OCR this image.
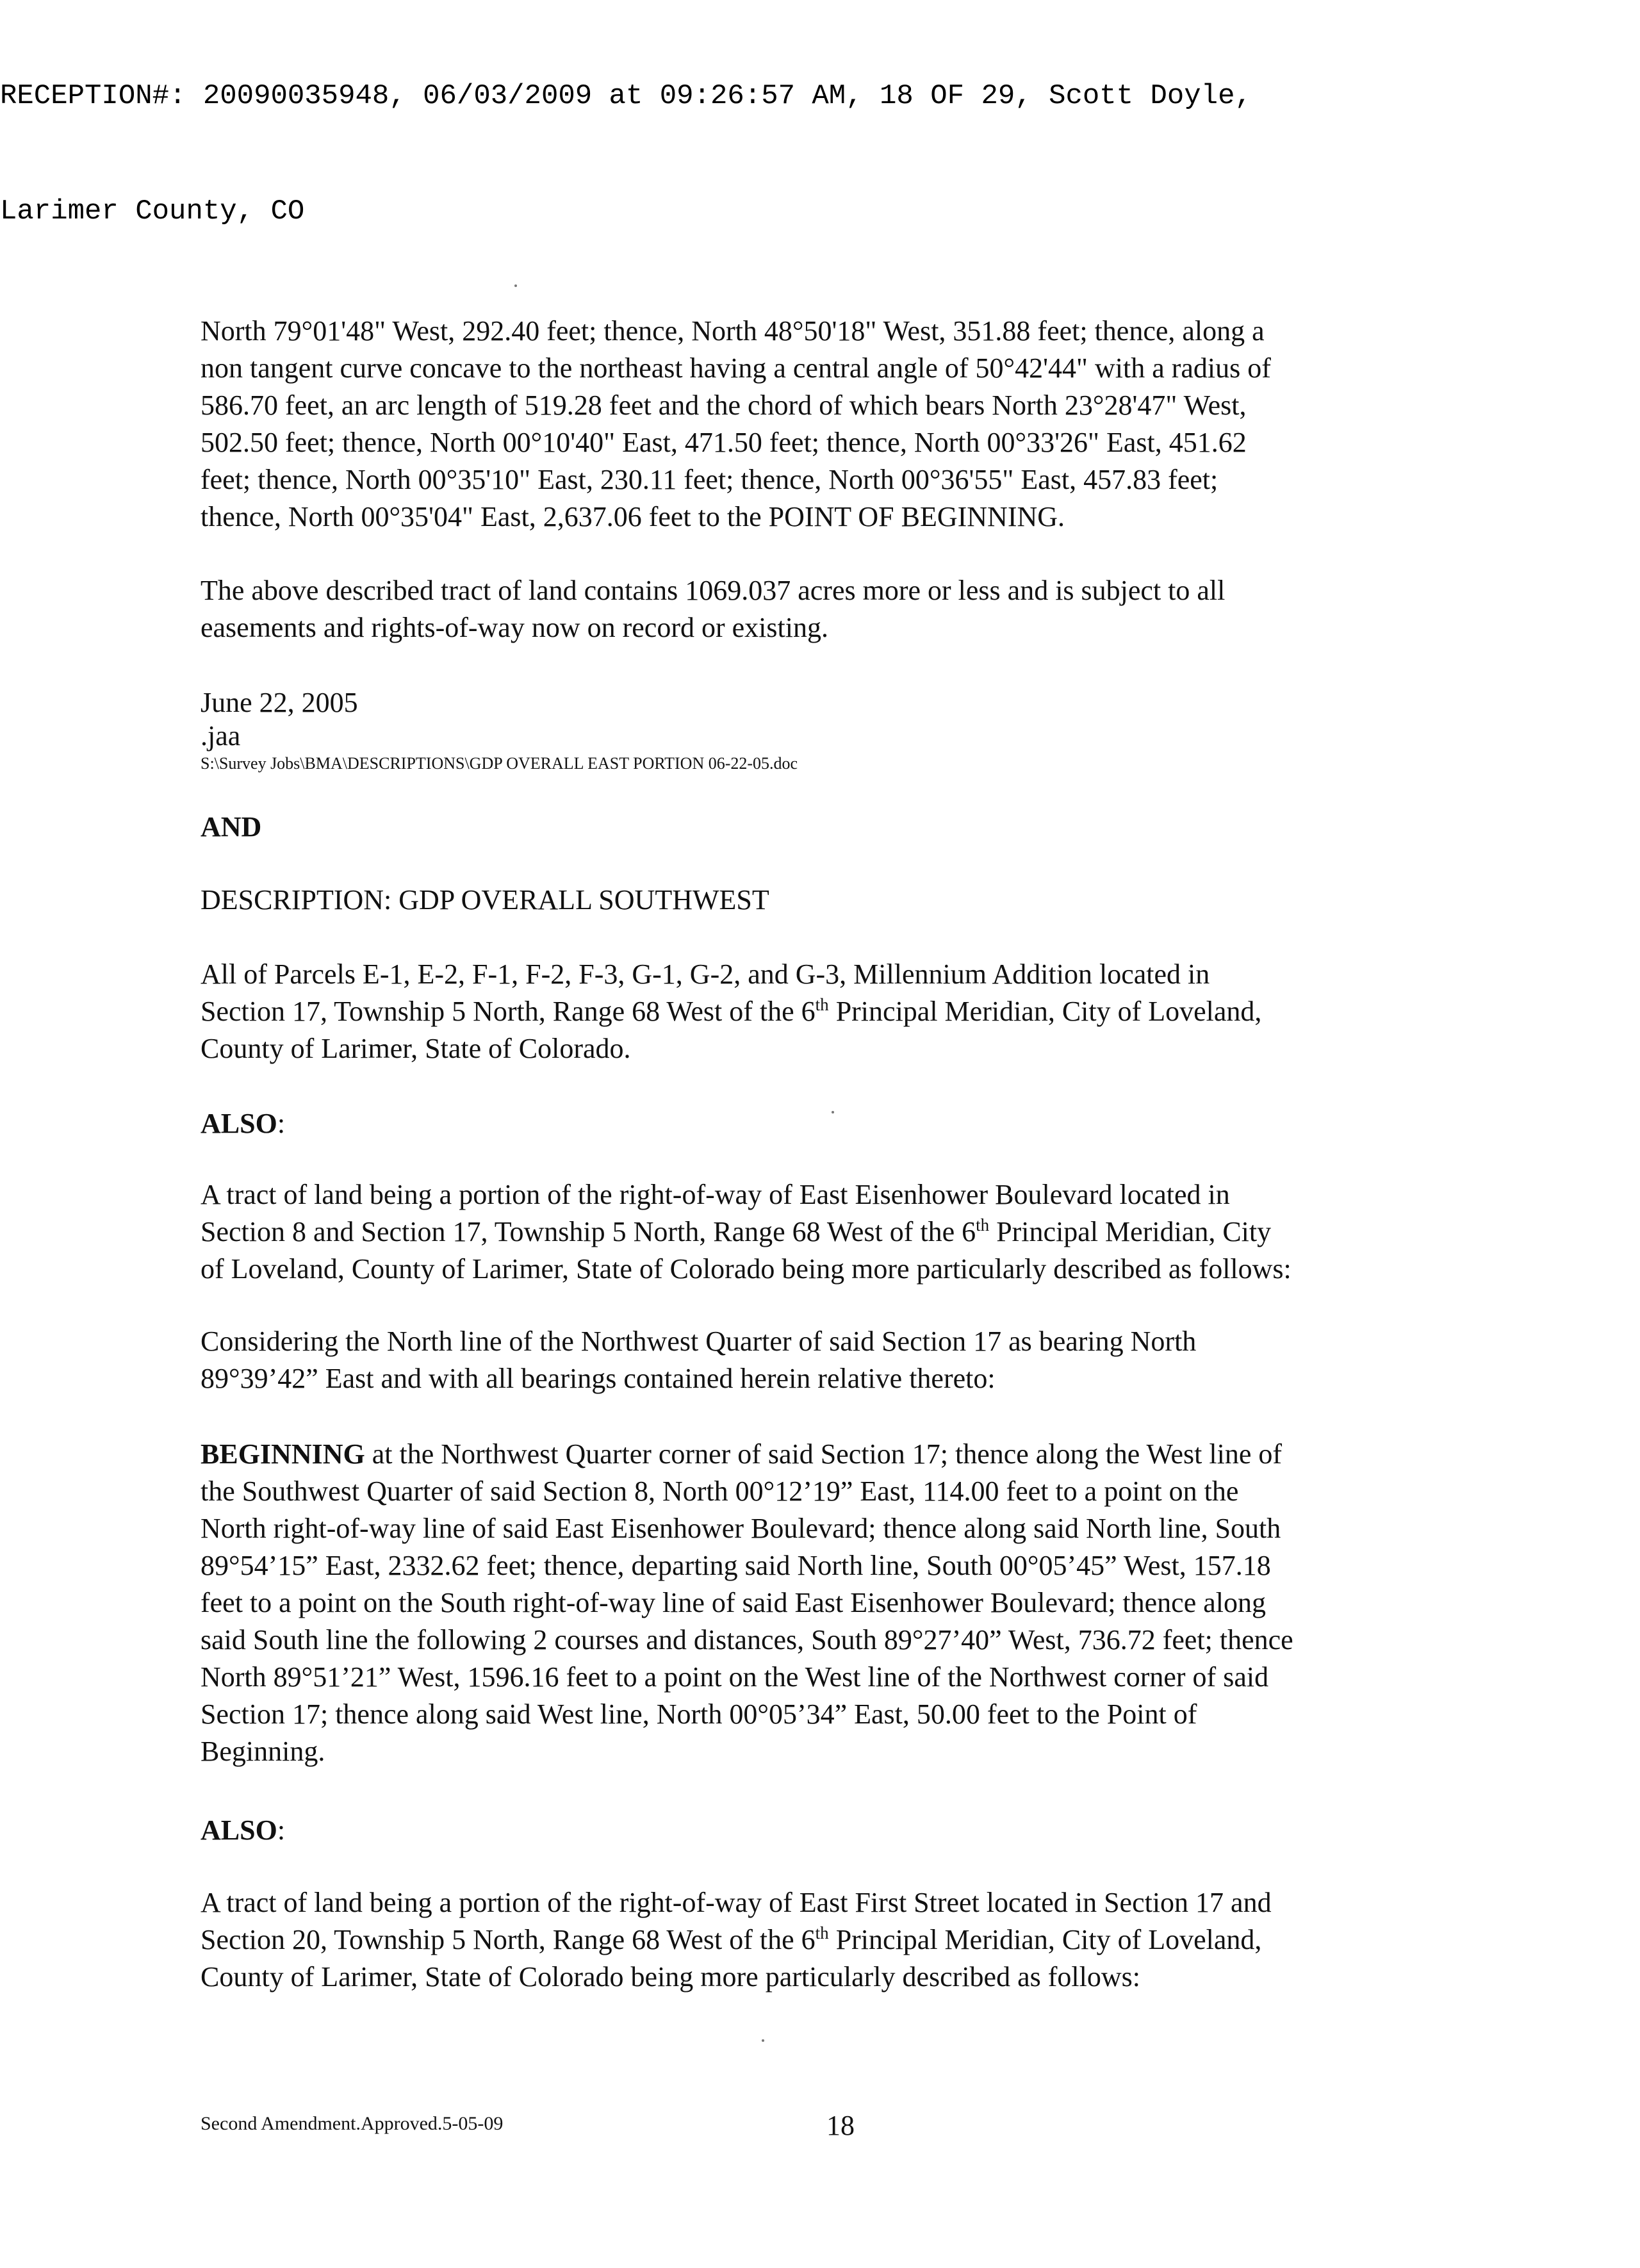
RECEPTION#: 20090035948, 06/03/2009 at 09:26:57 AM, 18 OF 29, Scott Doyle,

Larimer County, CO

North 79°01'48" West, 292.40 feet; thence, North 48°50'18" West, 351.88 feet; thence, along a
non tangent curve concave to the northeast having a central angle of 50°42'44" with a radius of
586.70 feet, an arc length of 519.28 feet and the chord of which bears North 23°28'47" West,
502.50 feet; thence, North 00°10'40" East, 471.50 feet; thence, North 00°33'26" East, 451.62
feet; thence, North 00°35'10" East, 230.11 feet; thence, North 00°36'55" East, 457.83 feet;
thence, North 00°35'04" East, 2,637.06 feet to the POINT OF BEGINNING.
The above described tract of land contains 1069.037 acres more or less and is subject to all
easements and rights-of-way now on record or existing.
June 22, 2005
.jaa
S:\Survey Jobs\BMA\DESCRIPTIONS\GDP OVERALL EAST PORTION 06-22-05.doc
AND
DESCRIPTION: GDP OVERALL SOUTHWEST
All of Parcels E-1, E-2, F-1, F-2, F-3, G-1, G-2, and G-3, Millennium Addition located in
Section 17, Township 5 North, Range 68 West of the 6th Principal Meridian, City of Loveland,
County of Larimer, State of Colorado.
ALSO:
A tract of land being a portion of the right-of-way of East Eisenhower Boulevard located in
Section 8 and Section 17, Township 5 North, Range 68 West of the 6th Principal Meridian, City
of Loveland, County of Larimer, State of Colorado being more particularly described as follows:
Considering the North line of the Northwest Quarter of said Section 17 as bearing North
89°39’42” East and with all bearings contained herein relative thereto:
BEGINNING at the Northwest Quarter corner of said Section 17; thence along the West line of
the Southwest Quarter of said Section 8, North 00°12’19” East, 114.00 feet to a point on the
North right-of-way line of said East Eisenhower Boulevard; thence along said North line, South
89°54’15” East, 2332.62 feet; thence, departing said North line, South 00°05’45” West, 157.18
feet to a point on the South right-of-way line of said East Eisenhower Boulevard; thence along
said South line the following 2 courses and distances, South 89°27’40” West, 736.72 feet; thence
North 89°51’21” West, 1596.16 feet to a point on the West line of the Northwest corner of said
Section 17; thence along said West line, North 00°05’34” East, 50.00 feet to the Point of
Beginning.
ALSO:
A tract of land being a portion of the right-of-way of East First Street located in Section 17 and
Section 20, Township 5 North, Range 68 West of the 6th Principal Meridian, City of Loveland,
County of Larimer, State of Colorado being more particularly described as follows:
Second Amendment.Approved.5-05-09	18
